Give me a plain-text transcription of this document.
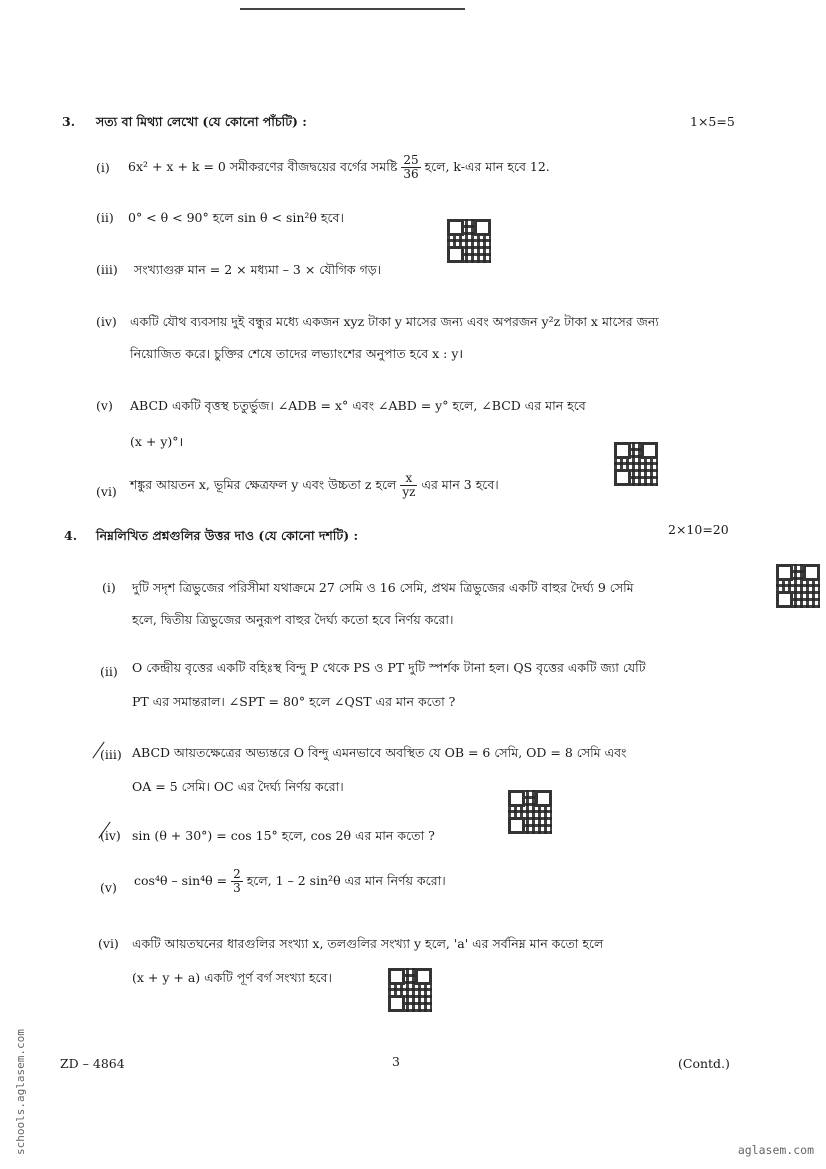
3. সত্য বা মিথ্যা লেখো (যে কোনো পাঁচটি) :	1×5=5
(i) 6x² + x + k = 0 সমীকরণের বীজদ্বয়ের বর্গের সমষ্টি $\frac{25}{36}$ হলে, k-এর মান হবে 12.
(ii) 0° < θ < 90° হলে sin θ < sin²θ হবে।
(iii) সংখ্যাগুরু মান = 2 × মধ্যমা – 3 × যৌগিক গড়।
(iv) একটি যৌথ ব্যবসায় দুই বন্ধুর মধ্যে একজন xyz টাকা y মাসের জন্য এবং অপরজন y²z টাকা x মাসের জন্য
নিয়োজিত করে। চুক্তির শেষে তাদের লভ্যাংশের অনুপাত হবে x : y।
(v) ABCD একটি বৃত্তস্থ চতুর্ভুজ। ∠ADB = x° এবং ∠ABD = y° হলে, ∠BCD এর মান হবে
(x + y)°।
(vi) শঙ্কুর আয়তন x, ভূমির ক্ষেত্রফল y এবং উচ্চতা z হলে $\frac{x}{yz}$ এর মান 3 হবে।
4. নিম্নলিখিত প্রশ্নগুলির উত্তর দাও (যে কোনো দশটি) :	2×10=20
(i) দুটি সদৃশ ত্রিভুজের পরিসীমা যথাক্রমে 27 সেমি ও 16 সেমি, প্রথম ত্রিভুজের একটি বাহুর দৈর্ঘ্য 9 সেমি
হলে, দ্বিতীয় ত্রিভুজের অনুরূপ বাহুর দৈর্ঘ্য কতো হবে নির্ণয় করো।
(ii) O কেন্দ্রীয় বৃত্তের একটি বহিঃস্থ বিন্দু P থেকে PS ও PT দুটি স্পর্শক টানা হল। QS বৃত্তের একটি জ্যা যেটি
PT এর সমান্তরাল। ∠SPT = 80° হলে ∠QST এর মান কতো ?
(iii) ABCD আয়তক্ষেত্রের অভ্যন্তরে O বিন্দু এমনভাবে অবস্থিত যে OB = 6 সেমি, OD = 8 সেমি এবং
OA = 5 সেমি। OC এর দৈর্ঘ্য নির্ণয় করো।
(iv) sin (θ + 30°) = cos 15° হলে, cos 2θ এর মান কতো ?
(v) $\cos^4\theta - \sin^4\theta = \frac{2}{3}$ হলে, 1 – 2 sin²θ এর মান নির্ণয় করো।
(vi) একটি আয়তঘনের ধারগুলির সংখ্যা x, তলগুলির সংখ্যা y হলে, 'a' এর সর্বনিম্ন মান কতো হলে
(x + y + a) একটি পূর্ণ বর্গ সংখ্যা হবে।
ZD – 4864	3	(Contd.)
schools.aglasem.com	aglasem.com
